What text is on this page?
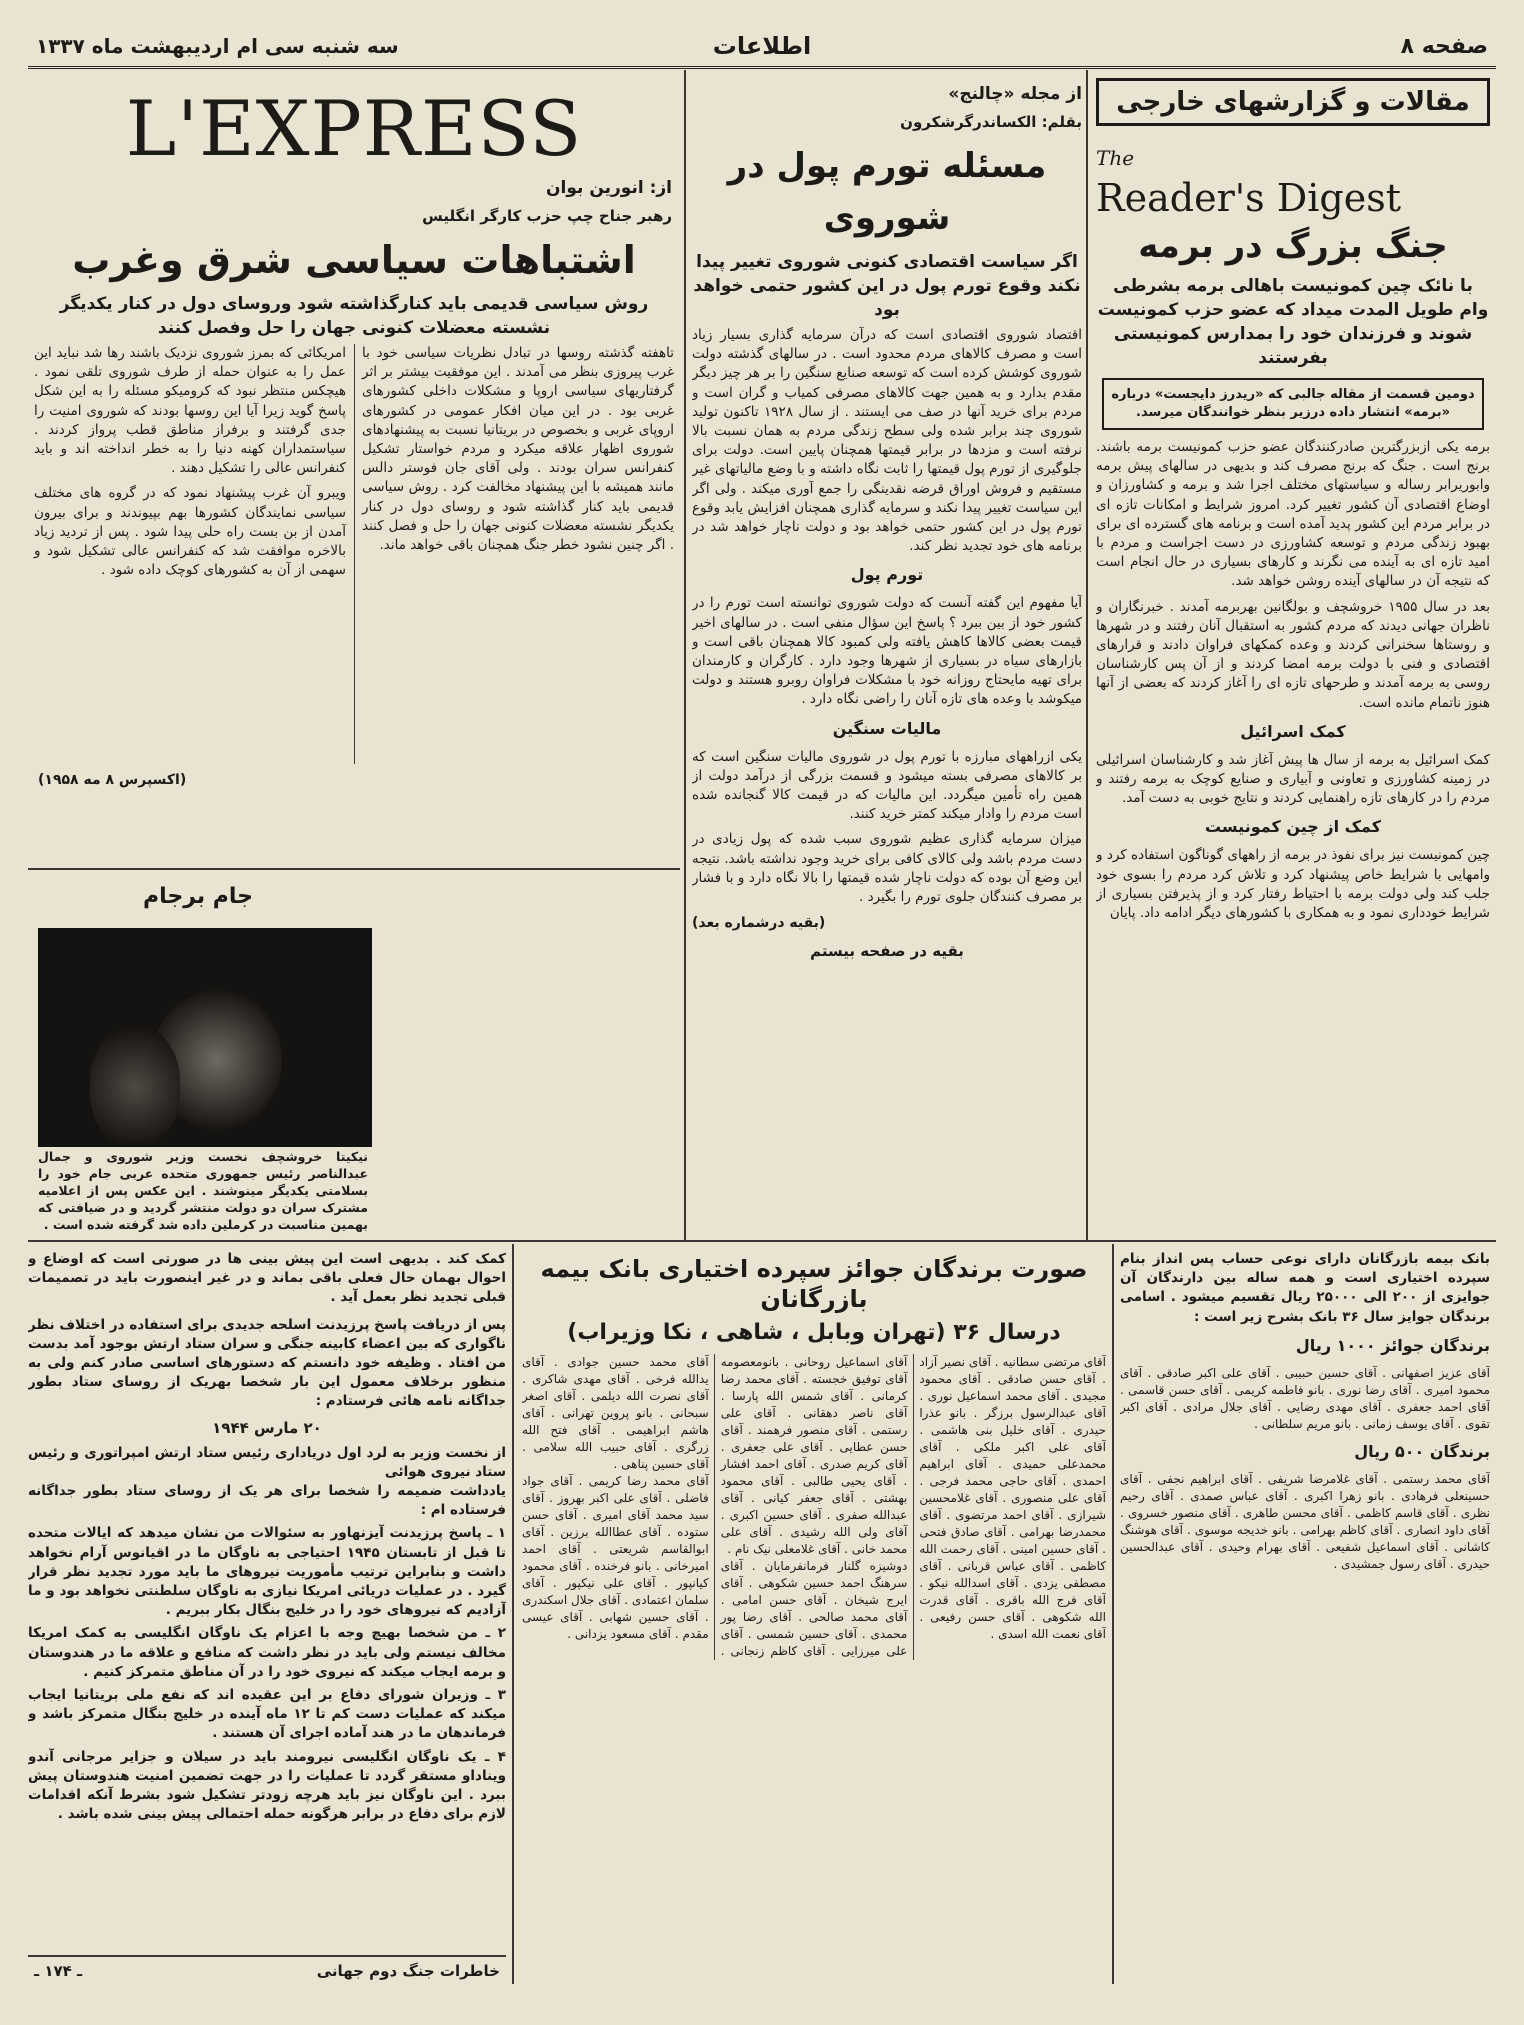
صفحه ۸
اطلاعات
سه شنبه سی ام اردیبهشت ماه ۱۳۳۷
مقالات و گزارشهای خارجی
The
Reader's Digest
جنگ بزرگ در برمه
با نائک چین کمونیست باهالی برمه بشرطی وام طویل المدت میداد که عضو حزب کمونیست شوند و فرزندان خود را بمدارس کمونیستی بفرستند
دومین قسمت از مقاله جالبی که «ریدرز دایجست» درباره «برمه» انتشار داده درزیر بنظر خوانندگان میرسد.

برمه یکی ازبزرگترین صادرکنندگان عضو حزب کمونیست برمه باشند. برنج است . جنگ که برنج مصرف کند و بدیهی در سالهای پیش برمه وابوریرابر رساله و سیاستهای مختلف اجرا شد و برمه و کشاورزان و اوضاع اقتصادی آن کشور تغییر کرد. امروز شرایط و امکانات تازه ای در برابر مردم این کشور پدید آمده است و برنامه های گسترده ای برای بهبود زندگی مردم و توسعه کشاورزی در دست اجراست و مردم با امید تازه ای به آینده می نگرند و کارهای بسیاری در حال انجام است که نتیجه آن در سالهای آینده روشن خواهد شد.

بعد در سال ۱۹۵۵ خروشچف و بولگانین بهربرمه آمدند . خبرنگاران و ناظران جهانی دیدند که مردم کشور به استقبال آنان رفتند و در شهرها و روستاها سخنرانی کردند و وعده کمکهای فراوان دادند و قرارهای اقتصادی و فنی با دولت برمه امضا کردند و از آن پس کارشناسان روسی به برمه آمدند و طرحهای تازه ای را آغاز کردند که بعضی از آنها هنوز ناتمام مانده است.

کمک اسرائیل

کمک اسرائیل به برمه از سال ها پیش آغاز شد و کارشناسان اسرائیلی در زمینه کشاورزی و تعاونی و آبیاری و صنایع کوچک به برمه رفتند و مردم را در کارهای تازه راهنمایی کردند و نتایج خوبی به دست آمد.

کمک از چین کمونیست

چین کمونیست نیز برای نفوذ در برمه از راههای گوناگون استفاده کرد و وامهایی با شرایط خاص پیشنهاد کرد و تلاش کرد مردم را بسوی خود جلب کند ولی دولت برمه با احتیاط رفتار کرد و از پذیرفتن بسیاری از شرایط خودداری نمود و به همکاری با کشورهای دیگر ادامه داد. پایان

از مجله «چالنج»
بقلم: الکساندرگرشکرون
مسئله تورم پول در شوروی
اگر سیاست اقتصادی کنونی شوروی تغییر پیدا نکند وقوع تورم پول در این کشور حتمی خواهد بود

اقتصاد شوروی اقتصادی است که درآن سرمایه گذاری بسیار زیاد است و مصرف کالاهای مردم محدود است . در سالهای گذشته دولت شوروی کوشش کرده است که توسعه صنایع سنگین را بر هر چیز دیگر مقدم بدارد و به همین جهت کالاهای مصرفی کمیاب و گران است و مردم برای خرید آنها در صف می ایستند . از سال ۱۹۲۸ تاکنون تولید شوروی چند برابر شده ولی سطح زندگی مردم به همان نسبت بالا نرفته است و مزدها در برابر قیمتها همچنان پایین است. دولت برای جلوگیری از تورم پول قیمتها را ثابت نگاه داشته و با وضع مالیاتهای غیر مستقیم و فروش اوراق قرضه نقدینگی را جمع آوری میکند . ولی اگر این سیاست تغییر پیدا نکند و سرمایه گذاری همچنان افزایش یابد وقوع تورم پول در این کشور حتمی خواهد بود و دولت ناچار خواهد شد در برنامه های خود تجدید نظر کند.

تورم پول

آیا مفهوم این گفته آنست که دولت شوروی توانسته است تورم را در کشور خود از بین ببرد ؟ پاسخ این سؤال منفی است . در سالهای اخیر قیمت بعضی کالاها کاهش یافته ولی کمبود کالا همچنان باقی است و بازارهای سیاه در بسیاری از شهرها وجود دارد . کارگران و کارمندان برای تهیه مایحتاج روزانه خود با مشکلات فراوان روبرو هستند و دولت میکوشد با وعده های تازه آنان را راضی نگاه دارد .

مالیات سنگین

یکی ازراههای مبارزه با تورم پول در شوروی مالیات سنگین است که بر کالاهای مصرفی بسته میشود و قسمت بزرگی از درآمد دولت از همین راه تأمین میگردد. این مالیات که در قیمت کالا گنجانده شده است مردم را وادار میکند کمتر خرید کنند.

میزان سرمایه گذاری عظیم شوروی سبب شده که پول زیادی در دست مردم باشد ولی کالای کافی برای خرید وجود نداشته باشد. نتیجه این وضع آن بوده که دولت ناچار شده قیمتها را بالا نگاه دارد و با فشار بر مصرف کنندگان جلوی تورم را بگیرد .

(بقیه درشماره بعد)
بقیه در صفحه بیستم
L'EXPRESS
از: انورین بوان
رهبر جناح چپ حزب کارگر انگلیس
اشتباهات سیاسی شرق وغرب
روش سیاسی قدیمی باید کنارگذاشته شود وروسای دول در کنار یکدیگر نشسته معضلات کنونی جهان را حل وفصل کنند

تاهفته گذشته روسها در تبادل نظریات سیاسی خود با غرب پیروزی بنظر می آمدند . این موفقیت بیشتر بر اثر گرفتاریهای سیاسی اروپا و مشکلات داخلی کشورهای غربی بود . در این میان افکار عمومی در کشورهای اروپای غربی و بخصوص در بریتانیا نسبت به پیشنهادهای شوروی اظهار علاقه میکرد و مردم خواستار تشکیل کنفرانس سران بودند . ولی آقای جان فوستر دالس مانند همیشه با این پیشنهاد مخالفت کرد . روش سیاسی قدیمی باید کنار گذاشته شود و روسای دول در کنار یکدیگر نشسته معضلات کنونی جهان را حل و فصل کنند . اگر چنین نشود خطر جنگ همچنان باقی خواهد ماند.

امریکائی که بمرز شوروی نزدیک باشند رها شد نباید این عمل را به عنوان حمله از طرف شوروی تلقی نمود . هیچکس منتظر نبود که کرومیکو مسئله را به این شکل پاسخ گوید زیرا آیا این روسها بودند که شوروی امنیت را جدی گرفتند و برفراز مناطق قطب پرواز کردند . سیاستمداران کهنه دنیا را به خطر انداخته اند و باید کنفرانس عالی را تشکیل دهند .

ویبرو آن غرب پیشنهاد نمود که در گروه های مختلف سیاسی نمایندگان کشورها بهم بپیوندند و برای بیرون آمدن از بن بست راه حلی پیدا شود . پس از تردید زیاد بالاخره موافقت شد که کنفرانس عالی تشکیل شود و سهمی از آن به کشورهای کوچک داده شود .

(اکسپرس ۸ مه ۱۹۵۸)
جام برجام
نیکیتا خروشچف نخست وزیر شوروی و جمال عبدالناصر رئیس جمهوری متحده عربی جام خود را بسلامتی یکدیگر مینوشند . این عکس پس از اعلامیه مشترک سران دو دولت منتشر گردید و در ضیافتی که بهمین مناسبت در کرملین داده شد گرفته شده است .

بانک بیمه بازرگانان دارای نوعی حساب پس انداز بنام سپرده اختیاری است و همه ساله بین دارندگان آن جوایزی از ۲۰۰ الی ۲۵۰۰۰ ریال تقسیم میشود . اسامی برندگان جوایز سال ۳۶ بانک بشرح زیر است :

برندگان جوائز ۱۰۰۰ ریال

آقای عزیز اصفهانی . آقای حسین حبیبی . آقای علی اکبر صادقی . آقای محمود امیری . آقای رضا نوری . بانو فاطمه کریمی . آقای حسن قاسمی . آقای احمد جعفری . آقای مهدی رضایی . آقای جلال مرادی . آقای اکبر تقوی . آقای یوسف زمانی . بانو مریم سلطانی .

برندگان ۵۰۰ ریال

آقای محمد رستمی . آقای غلامرضا شریفی . آقای ابراهیم نجفی . آقای حسینعلی فرهادی . بانو زهرا اکبری . آقای عباس صمدی . آقای رحیم نظری . آقای قاسم کاظمی . آقای محسن طاهری . آقای منصور خسروی . آقای داود انصاری . آقای کاظم بهرامی . بانو خدیجه موسوی . آقای هوشنگ کاشانی . آقای اسماعیل شفیعی . آقای بهرام وحیدی . آقای عبدالحسین حیدری . آقای رسول جمشیدی .

صورت برندگان جوائز سپرده اختیاری بانک بیمه بازرگانان
درسال ۳۶ (تهران وبابل ، شاهی ، نکا وزیراب)

آقای مرتضی سطانیه . آقای نصیر آزاد . آقای حسن صادقی . آقای محمود مجیدی . آقای محمد اسماعیل نوری . آقای عبدالرسول برزگر . بانو عذرا حیدری . آقای خلیل بنی هاشمی . آقای علی اکبر ملکی . آقای محمدعلی حمیدی . آقای ابراهیم احمدی . آقای حاجی محمد فرجی . آقای علی منصوری . آقای غلامحسین شیرازی . آقای احمد مرتضوی . آقای محمدرضا بهرامی . آقای صادق فتحی . آقای حسین امینی . آقای رحمت الله کاظمی . آقای عباس قربانی . آقای مصطفی یزدی . آقای اسدالله نیکو . آقای فرج الله باقری . آقای قدرت الله شکوهی . آقای حسن رفیعی . آقای نعمت الله اسدی .

آقای اسماعیل روحانی . بانومعصومه آقای توفیق خجسته . آقای محمد رضا کرمانی . آقای شمس الله پارسا . آقای ناصر دهقانی . آقای علی رستمی . آقای منصور فرهمند . آقای حسن عطایی . آقای علی جعفری . آقای کریم صدری . آقای احمد افشار . آقای یحیی طالبی . آقای محمود بهشتی . آقای جعفر کیانی . آقای عبدالله صفری . آقای حسین اکبری . آقای ولی الله رشیدی . آقای علی محمد خانی . آقای غلامعلی نیک نام .

دوشیزه گلنار فرمانفرمایان . آقای سرهنگ احمد حسین شکوهی . آقای ایرج شیخان . آقای حسن امامی . آقای محمد صالحی . آقای رضا پور محمدی . آقای حسین شمسی . آقای علی میرزایی . آقای کاظم زنجانی . آقای محمد حسین جوادی . آقای یدالله فرخی . آقای مهدی شاکری . آقای نصرت الله دیلمی . آقای اصغر سبحانی . بانو پروین تهرانی . آقای هاشم ابراهیمی . آقای فتح الله زرگری . آقای حبیب الله سلامی . آقای حسین پناهی .

آقای محمد رضا کریمی . آقای جواد فاضلی . آقای علی اکبر بهروز . آقای سید محمد آقای امیری . آقای حسن ستوده . آقای عطاالله برزین . آقای ابوالقاسم شریعتی . آقای احمد امیرخانی . بانو فرخنده . آقای محمود کیانپور . آقای علی نیکپور . آقای سلمان اعتمادی . آقای جلال اسکندری . آقای حسین شهابی . آقای عیسی مقدم . آقای مسعود یزدانی .

کمک کند . بدیهی است این پیش بینی ها در صورتی است که اوضاع و احوال بهمان حال فعلی باقی بماند و در غیر اینصورت باید در تصمیمات قبلی تجدید نظر بعمل آید .

پس از دریافت پاسخ پرزیدنت اسلحه جدیدی برای استفاده در اختلاف نظر ناگواری که بین اعضاء کابینه جنگی و سران ستاد ارتش بوجود آمد بدست من افتاد . وظیفه خود دانستم که دستورهای اساسی صادر کنم ولی به منظور برخلاف معمول این بار شخصا بهریک از روسای ستاد بطور جداگانه نامه هائی فرستادم :

۲۰ مارس ۱۹۴۴

از نخست وزیر به لرد اول دریاداری رئیس ستاد ارتش امپراتوری و رئیس ستاد نیروی هوائی

یادداشت ضمیمه را شخصا برای هر یک از روسای ستاد بطور جداگانه فرستاده ام :

۱ ـ پاسخ پرزیدنت آیزنهاور به سئوالات من نشان میدهد که ایالات متحده تا قبل از تابستان ۱۹۴۵ احتیاجی به ناوگان ما در اقیانوس آرام نخواهد داشت و بنابراین ترتیب مأموریت نیروهای ما باید مورد تجدید نظر قرار گیرد . در عملیات دریائی امریکا نیازی به ناوگان سلطنتی نخواهد بود و ما آزادیم که نیروهای خود را در خلیج بنگال بکار ببریم .

۲ ـ من شخصا بهیچ وجه با اعزام یک ناوگان انگلیسی به کمک امریکا مخالف نیستم ولی باید در نظر داشت که منافع و علاقه ما در هندوستان و برمه ایجاب میکند که نیروی خود را در آن مناطق متمرکز کنیم .

۳ ـ وزیران شورای دفاع بر این عقیده اند که نفع ملی بریتانیا ایجاب میکند که عملیات دست کم تا ۱۲ ماه آینده در خلیج بنگال متمرکز باشد و فرماندهان ما در هند آماده اجرای آن هستند .

۴ ـ یک ناوگان انگلیسی نیرومند باید در سیلان و جزایر مرجانی آندو ویناداو مستقر گردد تا عملیات را در جهت تضمین امنیت هندوستان پیش ببرد . این ناوگان نیز باید هرچه زودتر تشکیل شود بشرط آنکه اقدامات لازم برای دفاع در برابر هرگونه حمله احتمالی پیش بینی شده باشد .

خاطرات جنگ دوم جهانی
ـ ۱۷۴ ـ
